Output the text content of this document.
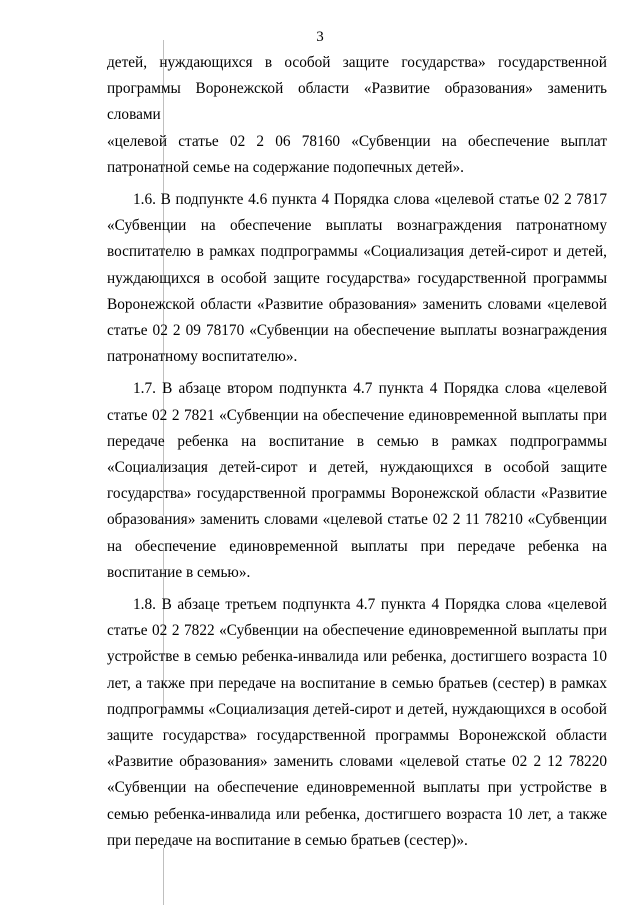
3

детей, нуждающихся в особой защите государства» государственной

программы Воронежской области «Развитие образования» заменить словами

«целевой статье 02 2 06 78160 «Субвенции на обеспечение выплат

патронатной семье на содержание подопечных детей».

1.6. В подпункте 4.6 пункта 4 Порядка слова «целевой статье 02 2 7817

«Субвенции на обеспечение выплаты вознаграждения патронатному

воспитателю в рамках подпрограммы «Социализация детей-сирот и детей,

нуждающихся в особой защите государства» государственной программы

Воронежской области «Развитие образования» заменить словами «целевой

статье 02 2 09 78170 «Субвенции на обеспечение выплаты вознаграждения

патронатному воспитателю».

1.7. В абзаце втором подпункта 4.7 пункта 4 Порядка слова «целевой

статье 02 2 7821 «Субвенции на обеспечение единовременной выплаты при

передаче ребенка на воспитание в семью в рамках подпрограммы

«Социализация детей-сирот и детей, нуждающихся в особой защите

государства» государственной программы Воронежской области «Развитие

образования» заменить словами «целевой статье 02 2 11 78210 «Субвенции

на обеспечение единовременной выплаты при передаче ребенка на

воспитание в семью».

1.8. В абзаце третьем подпункта 4.7 пункта 4 Порядка слова «целевой

статье 02 2 7822 «Субвенции на обеспечение единовременной выплаты при

устройстве в семью ребенка-инвалида или ребенка, достигшего возраста 10

лет, а также при передаче на воспитание в семью братьев (сестер) в рамках

подпрограммы «Социализация детей-сирот и детей, нуждающихся в особой

защите государства» государственной программы Воронежской области

«Развитие образования» заменить словами «целевой статье 02 2 12 78220

«Субвенции на обеспечение единовременной выплаты при устройстве в

семью ребенка-инвалида или ребенка, достигшего возраста 10 лет, а также

при передаче на воспитание в семью братьев (сестер)».
